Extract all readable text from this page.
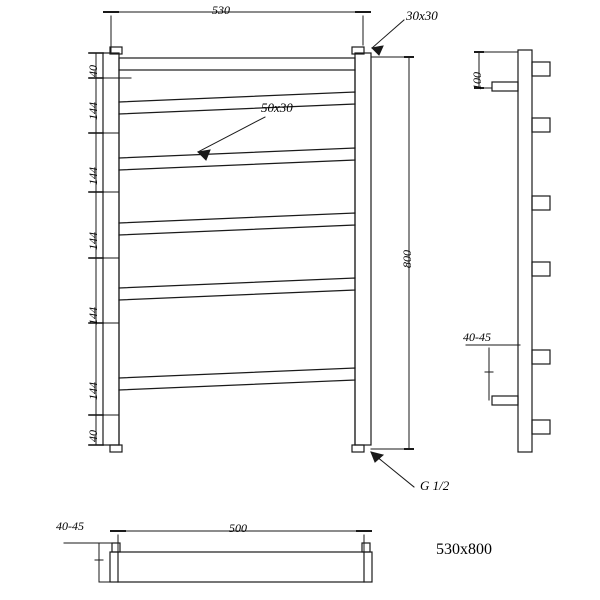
530	30x30
50x30
G 1/2
800
40
144
144
144
144
144
40
100
40-45
500
40-45
530x800
